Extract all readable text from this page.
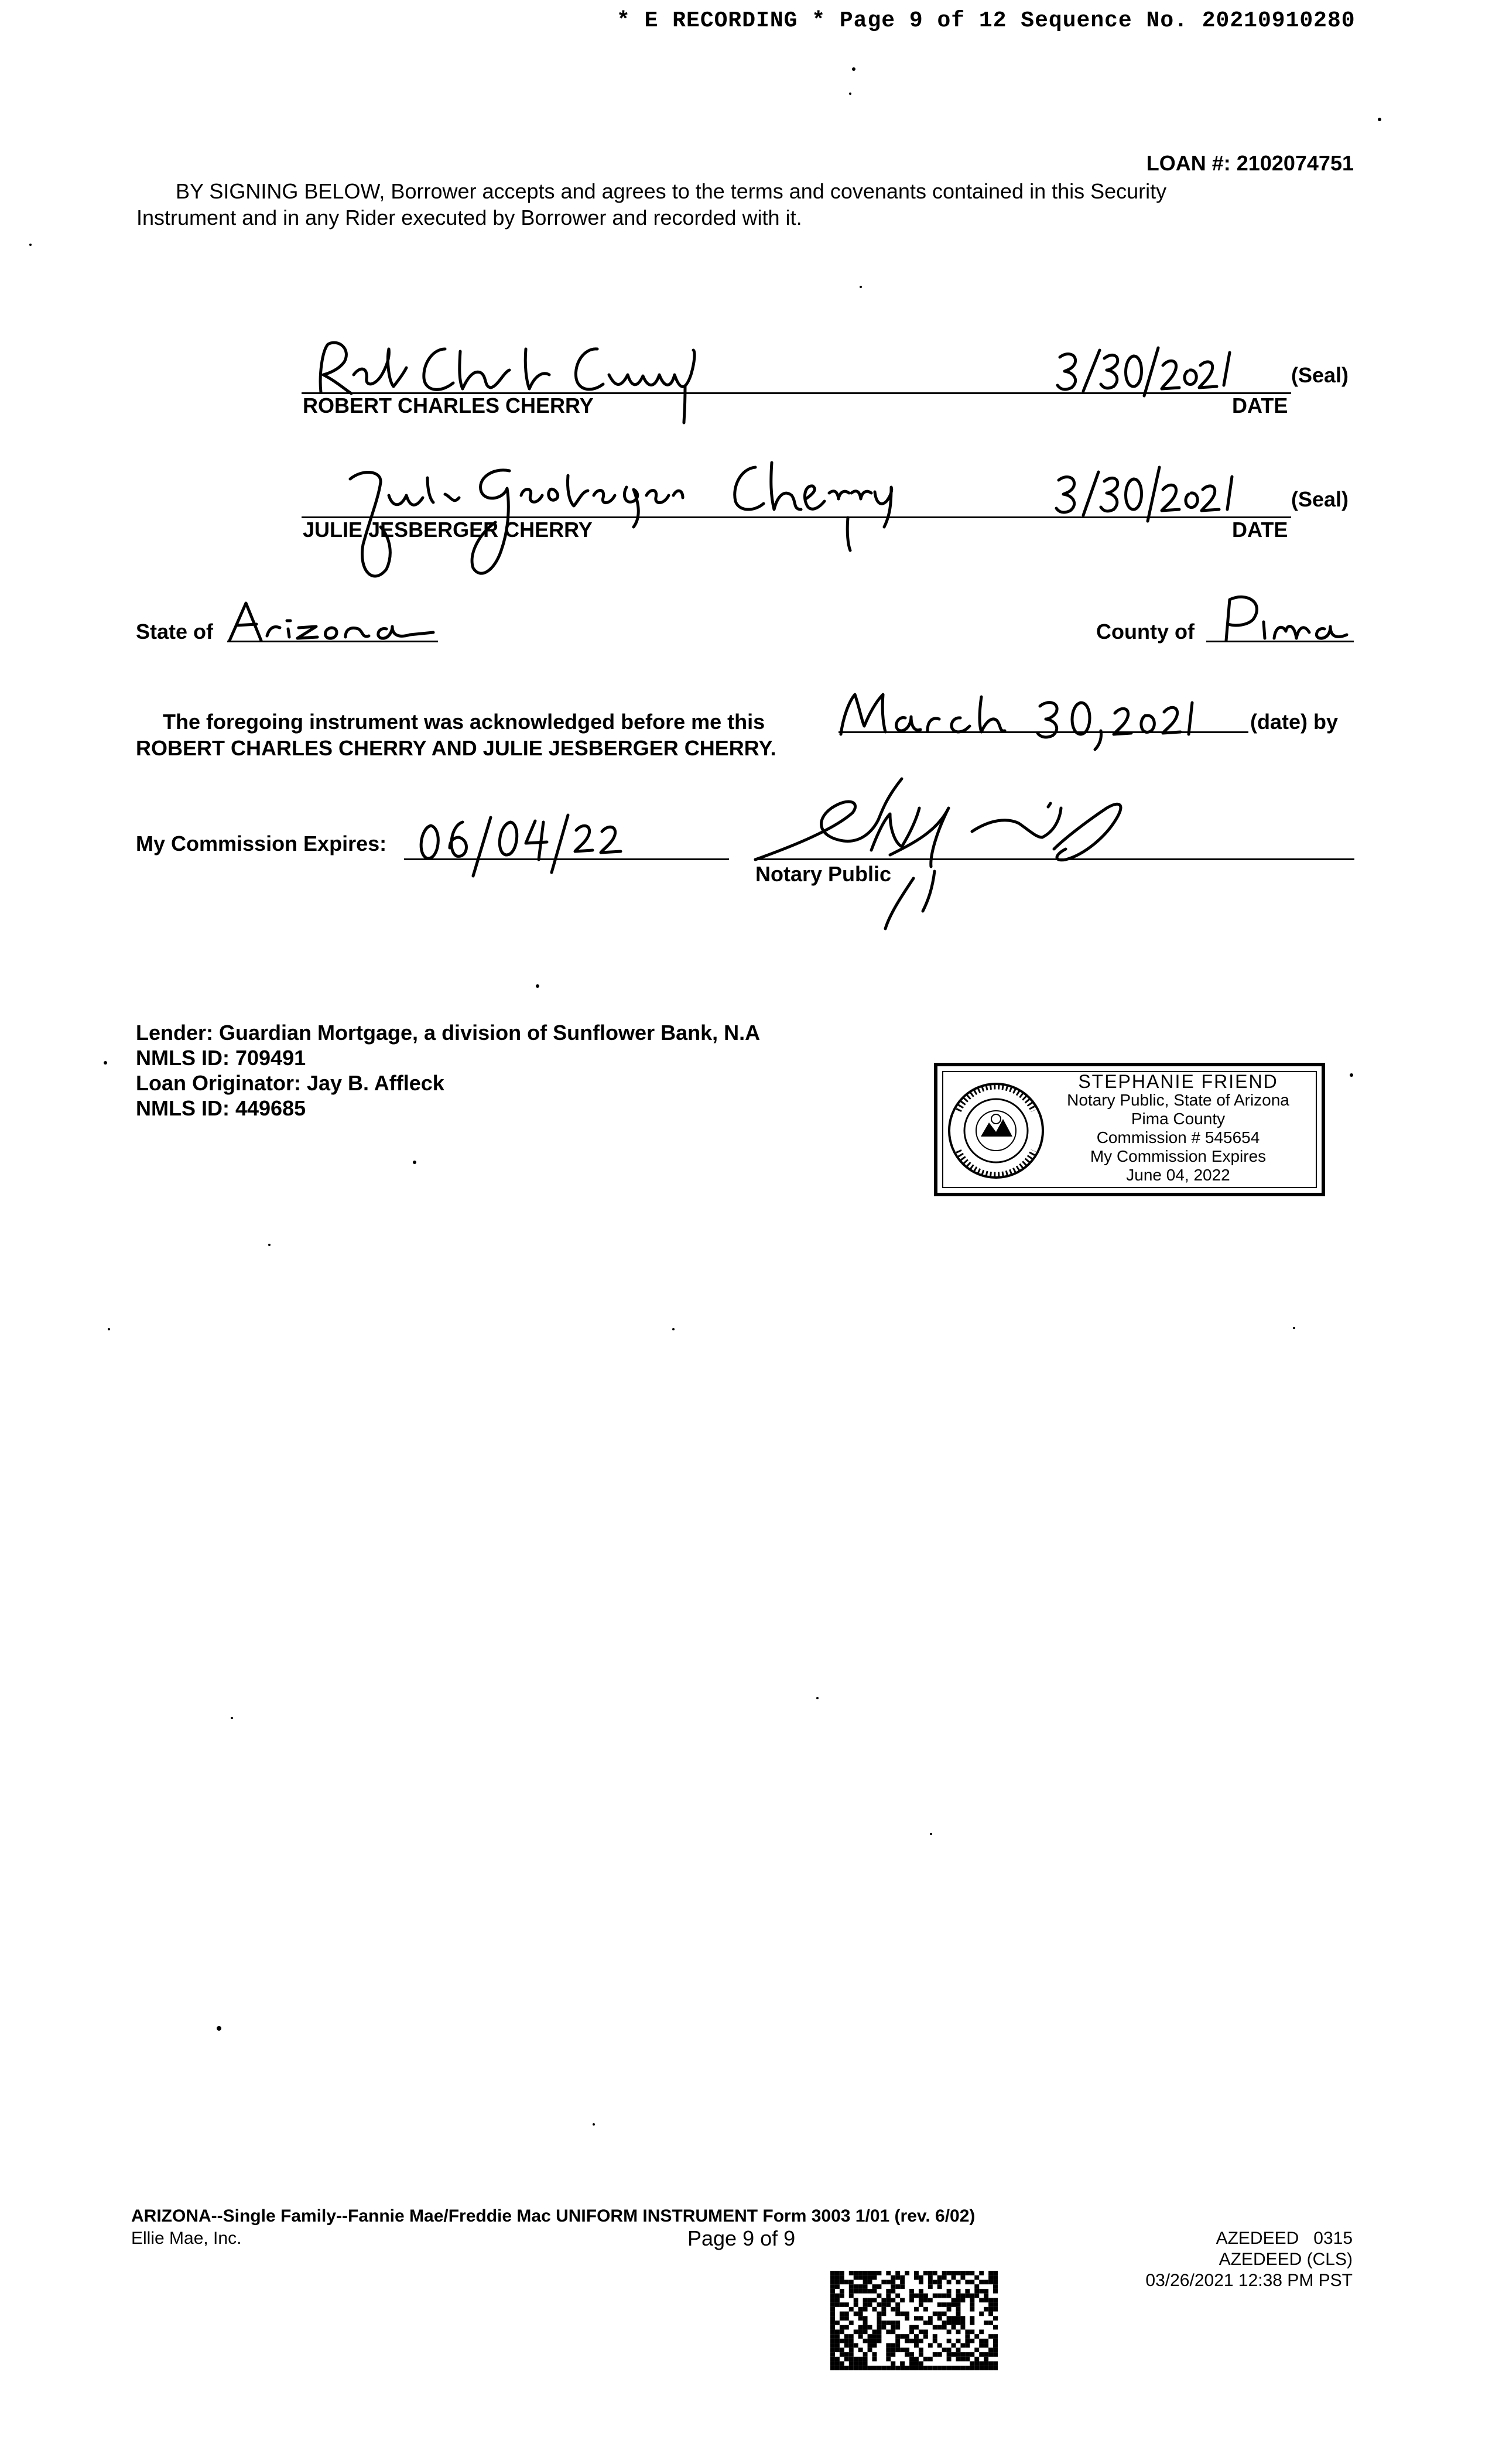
* E RECORDING * Page 9 of 12 Sequence No. 20210910280
LOAN #: 2102074751
BY SIGNING BELOW, Borrower accepts and agrees to the terms and covenants contained in this Security
Instrument and in any Rider executed by Borrower and recorded with it.
ROBERT CHARLES CHERRY
(Seal)
DATE
JULIE JESBERGER CHERRY
(Seal)
DATE
State of	County of
The foregoing instrument was acknowledged before me this	(date) by
ROBERT CHARLES CHERRY AND JULIE JESBERGER CHERRY.
My Commission Expires:
Notary Public
Lender: Guardian Mortgage, a division of Sunflower Bank, N.A
NMLS ID: 709491
Loan Originator: Jay B. Affleck
NMLS ID: 449685
STEPHANIE FRIEND
Notary Public, State of Arizona
Pima County
Commission # 545654
My Commission Expires
June 04, 2022
ARIZONA--Single Family--Fannie Mae/Freddie Mac UNIFORM INSTRUMENT Form 3003 1/01 (rev. 6/02)
Ellie Mae, Inc.	Page 9 of 9	AZEDEED   0315
AZEDEED (CLS)
03/26/2021 12:38 PM PST
